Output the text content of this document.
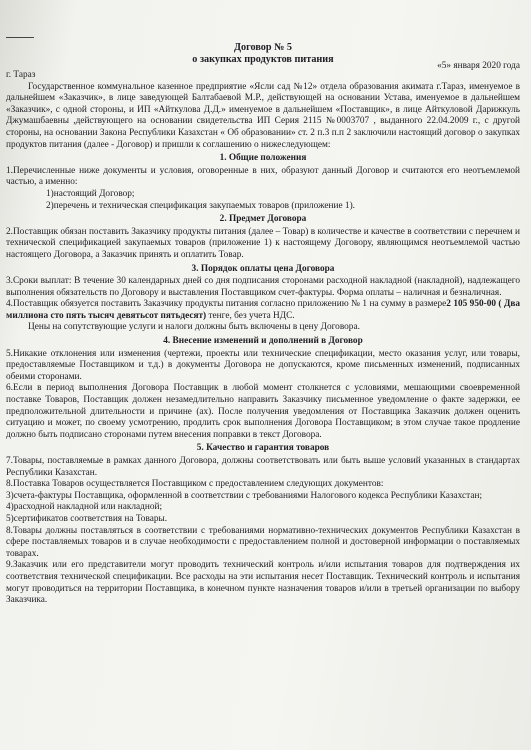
Договор № 5
о закупках продуктов питания
г. Тараз
«5» января 2020 года

Государственное коммунальное казенное предприятие «Ясли сад №12» отдела образования акимата г.Тараз, именуемое в дальнейшем «Заказчик», в лице заведующей Балтабаевой М.Р., действующей на основании Устава, именуемое в дальнейшем «Заказчик», с одной стороны, и ИП «Айткулова Д.Д.» именуемое в дальнейшем «Поставщик», в лице Айткуловой Дарижкуль Джумашбаевны ,действующего на основании свидетельства ИП Серия 2115 №0003707 , выданного 22.04.2009 г., с другой стороны, на основании Закона Республики Казахстан « Об образовании» ст. 2 п.3 п.п 2 заключили настоящий договор о закупках продуктов питания (далее - Договор) и пришли к соглашению о нижеследующем:

1. Общие положения

1.Перечисленные ниже документы и условия, оговоренные в них, образуют данный Договор и считаются его неотъемлемой частью, а именно:

1)настоящий Договор;
2)перечень и техническая спецификация закупаемых товаров (приложение 1).
2. Предмет Договора

2.Поставщик обязан поставить Заказчику продукты питания (далее – Товар) в количестве и качестве в соответствии с перечнем и технической спецификацией закупаемых товаров (приложение 1) к настоящему Договору, являющимся неотъемлемой частью настоящего Договора, а Заказчик принять и оплатить Товар.

3. Порядок оплаты цена Договора

3.Сроки выплат: В течение 30 календарных дней со дня подписания сторонами расходной накладной (накладной), надлежащего выполнения обязательств по Договору и выставления Поставщиком счет-фактуры. Форма оплаты – наличная и безналичная.

4.Поставщик обязуется поставить Заказчику продукты питания согласно приложению № 1 на сумму в размере2 105 950-00 ( Два миллиона сто пять тысяч девятьсот пятьдесят) тенге, без учета НДС.

Цены на сопутствующие услуги и налоги должны быть включены в цену Договора.

4. Внесение изменений и дополнений в Договор

5.Никакие отклонения или изменения (чертежи, проекты или технические спецификации, место оказания услуг, или товары, предоставляемые Поставщиком и т.д.) в документы Договора не допускаются, кроме письменных изменений, подписанных обеими сторонами.

6.Если в период выполнения Договора Поставщик в любой момент столкнется с условиями, мешающими своевременной поставке Товаров, Поставщик должен незамедлительно направить Заказчику письменное уведомление о факте задержки, ее предположительной длительности и причине (ах). После получения уведомления от Поставщика Заказчик должен оценить ситуацию и может, по своему усмотрению, продлить срок выполнения Договора Поставщиком; в этом случае такое продление должно быть подписано сторонами путем внесения поправки в текст Договора.

5. Качество и гарантия товаров

7.Товары, поставляемые в рамках данного Договора, должны соответствовать или быть выше условий указанных в стандартах Республики Казахстан.

8.Поставка Товаров осуществляется Поставщиком с предоставлением следующих документов:

3)счета-фактуры Поставщика, оформленной в соответствии с требованиями Налогового кодекса Республики Казахстан;

4)расходной накладной или накладной;

5)сертификатов соответствия на Товары.

8.Товары должны поставляться в соответствии с требованиями нормативно-технических документов Республики Казахстан в сфере поставляемых товаров и в случае необходимости с предоставлением полной и достоверной информации о поставляемых товарах.

9.Заказчик или его представители могут проводить технический контроль и/или испытания товаров для подтверждения их соответствия технической спецификации. Все расходы на эти испытания несет Поставщик. Технический контроль и испытания могут проводиться на территории Поставщика, в конечном пункте назначения товаров и/или в третьей организации по выбору Заказчика.
